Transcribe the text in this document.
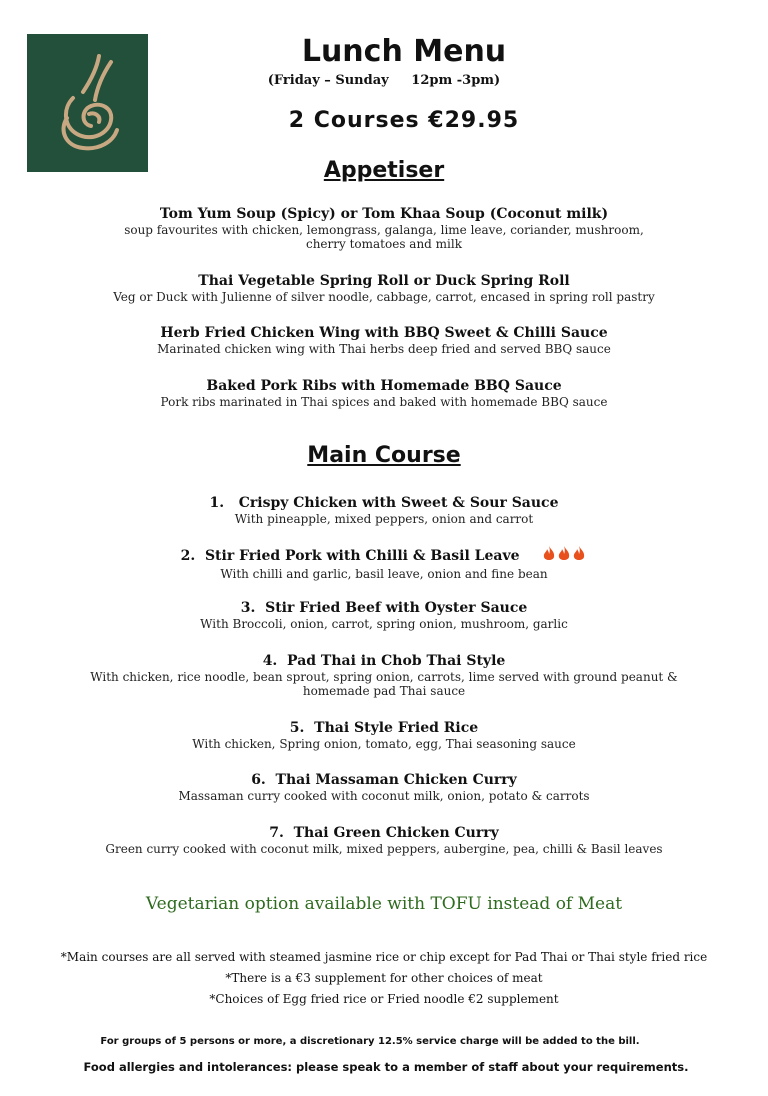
Lunch Menu
(Friday – Sunday     12pm -3pm)
2 Courses €29.95
Appetiser
Tom Yum Soup (Spicy) or Tom Khaa Soup (Coconut milk)
soup favourites with chicken, lemongrass, galanga, lime leave, coriander, mushroom, cherry tomatoes and milk
Thai Vegetable Spring Roll or Duck Spring Roll
Veg or Duck with Julienne of silver noodle, cabbage, carrot, encased in spring roll pastry
Herb Fried Chicken Wing with BBQ Sweet & Chilli Sauce
Marinated chicken wing with Thai herbs deep fried and served BBQ sauce
Baked Pork Ribs with Homemade BBQ Sauce
Pork ribs marinated in Thai spices and baked with homemade BBQ sauce
Main Course
1.   Crispy Chicken with Sweet & Sour Sauce
With pineapple, mixed peppers, onion and carrot
2.  Stir Fried Pork with Chilli & Basil Leave
With chilli and garlic, basil leave, onion and fine bean
3.  Stir Fried Beef with Oyster Sauce
With Broccoli, onion, carrot, spring onion, mushroom, garlic
4.  Pad Thai in Chob Thai Style
With chicken, rice noodle, bean sprout, spring onion, carrots, lime served with ground peanut & homemade pad Thai sauce
5.  Thai Style Fried Rice
With chicken, Spring onion, tomato, egg, Thai seasoning sauce
6.  Thai Massaman Chicken Curry
Massaman curry cooked with coconut milk, onion, potato & carrots
7.  Thai Green Chicken Curry
Green curry cooked with coconut milk, mixed peppers, aubergine, pea, chilli & Basil leaves
Vegetarian option available with TOFU instead of Meat
*Main courses are all served with steamed jasmine rice or chip except for Pad Thai or Thai style fried rice
*There is a €3 supplement for other choices of meat
*Choices of Egg fried rice or Fried noodle €2 supplement
For groups of 5 persons or more, a discretionary 12.5% service charge will be added to the bill.
Food allergies and intolerances: please speak to a member of staff about your requirements.
